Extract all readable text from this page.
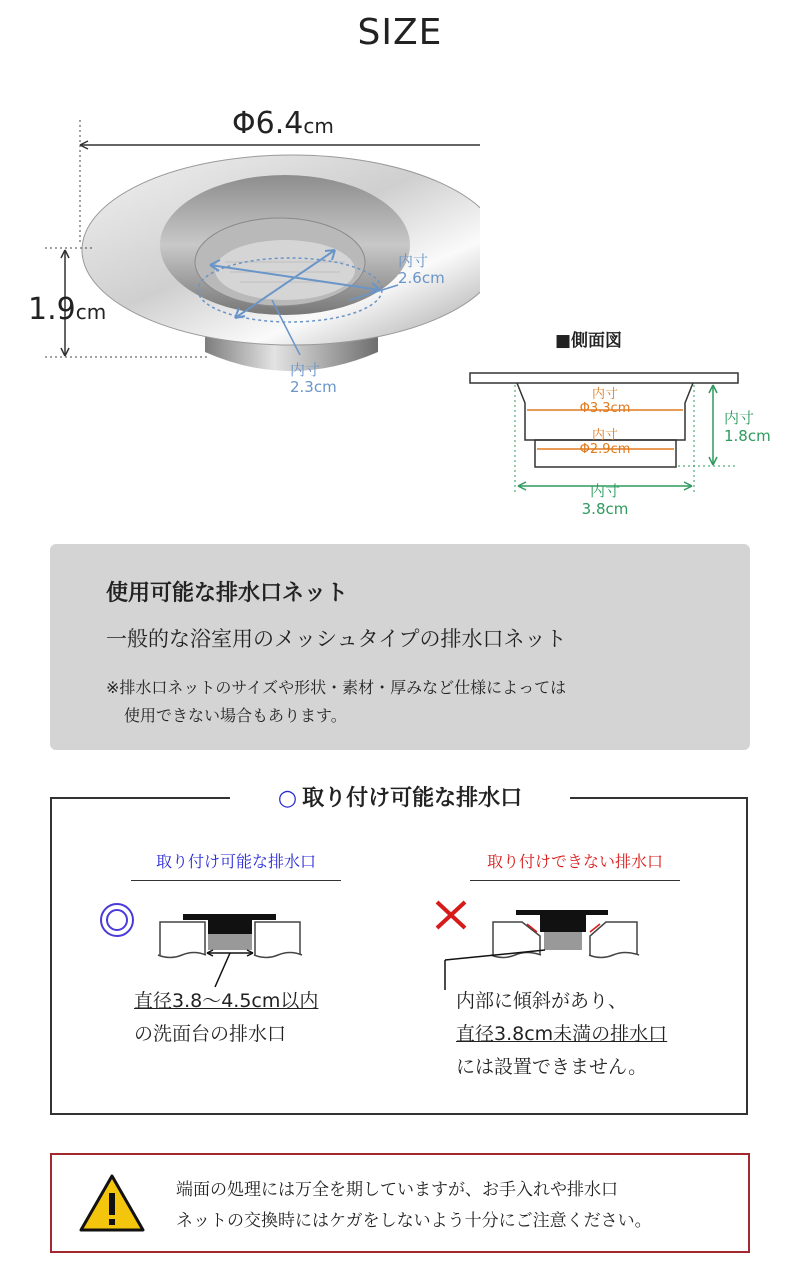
SIZE
Φ6.4cm
1.9cm
内寸
2.6cm
内寸
2.3cm
■側面図
内寸
Φ3.3cm
内寸
Φ2.9cm
内寸
1.8cm
内寸
3.8cm
使用可能な排水口ネット
一般的な浴室用のメッシュタイプの排水口ネット
※排水口ネットのサイズや形状・素材・厚みなど仕様によっては
使用できない場合もあります。
○ 取り付け可能な排水口
取り付け可能な排水口	取り付けできない排水口
直径3.8～4.5cm以内
の洗面台の排水口
内部に傾斜があり、
直径3.8cm未満の排水口
には設置できません。
端面の処理には万全を期していますが、お手入れや排水口
ネットの交換時にはケガをしないよう十分にご注意ください。
